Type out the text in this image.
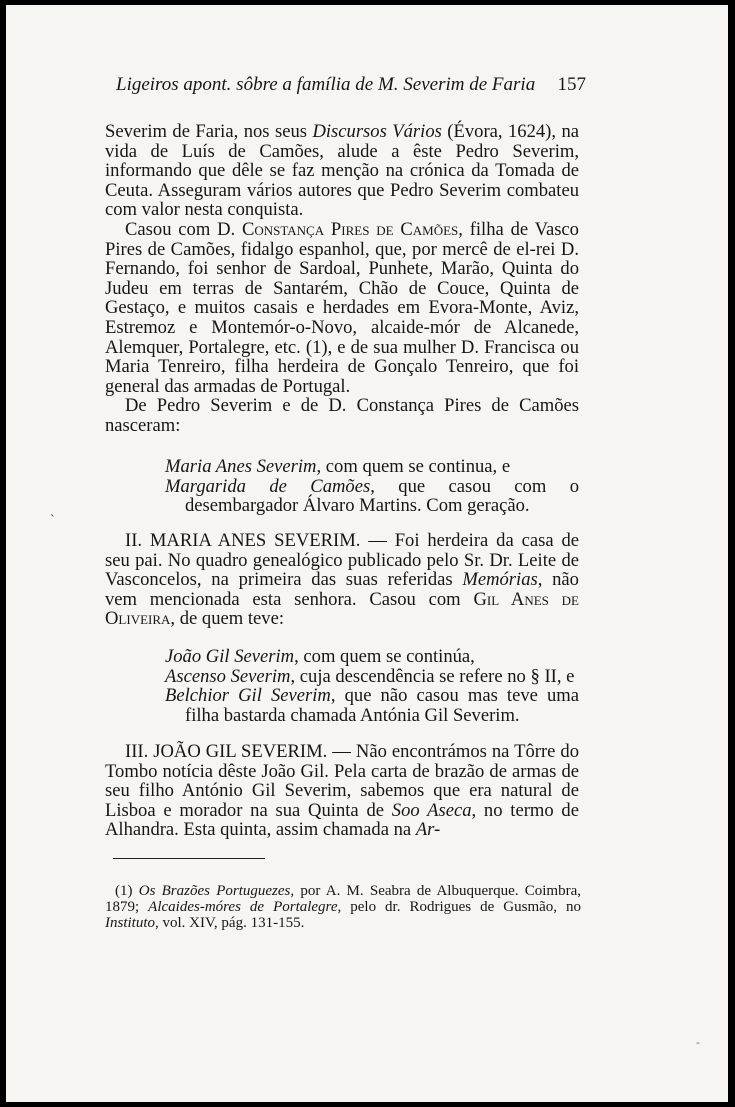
Ligeiros apont. sôbre a família de M. Severim de Faria 157

Severim de Faria, nos seus Discursos Vários (Évora, 1624), na vida de Luís de Camões, alude a êste Pedro Severim, informando que dêle se faz menção na crónica da Tomada de Ceuta. Asseguram vários autores que Pedro Severim combateu com valor nesta conquista.

Casou com D. Constança Pires de Camões, filha de Vasco Pires de Camões, fidalgo espanhol, que, por mercê de el-rei D. Fernando, foi senhor de Sardoal, Punhete, Marão, Quinta do Judeu em terras de Santarém, Chão de Couce, Quinta de Gestaço, e muitos casais e herdades em Evora-Monte, Aviz, Estremoz e Montemór-o-Novo, alcaide-mór de Alcanede, Alemquer, Portalegre, etc. (1), e de sua mulher D. Francisca ou Maria Tenreiro, filha herdeira de Gonçalo Tenreiro, que foi general das armadas de Portugal.

De Pedro Severim e de D. Constança Pires de Camões nasceram:

Maria Anes Severim, com quem se continua, e

Margarida de Camões, que casou com o desembargador Álvaro Martins. Com geração.

II. MARIA ANES SEVERIM. — Foi herdeira da casa de seu pai. No quadro genealógico publicado pelo Sr. Dr. Leite de Vasconcelos, na primeira das suas referidas Memórias, não vem mencionada esta senhora. Casou com Gil Anes de Oliveira, de quem teve:

João Gil Severim, com quem se continúa,

Ascenso Severim, cuja descendência se refere no § II, e

Belchior Gil Severim, que não casou mas teve uma filha bastarda chamada Antónia Gil Severim.

III. JOÃO GIL SEVERIM. — Não encontrámos na Tôrre do Tombo notícia dêste João Gil. Pela carta de brazão de armas de seu filho António Gil Severim, sabemos que era natural de Lisboa e morador na sua Quinta de Soo Aseca, no termo de Alhandra. Esta quinta, assim chamada na Ar-

(1) Os Brazões Portuguezes, por A. M. Seabra de Albuquerque. Coimbra, 1879; Alcaides-móres de Portalegre, pelo dr. Rodrigues de Gusmão, no Instituto, vol. XIV, pág. 131-155.

`
-
